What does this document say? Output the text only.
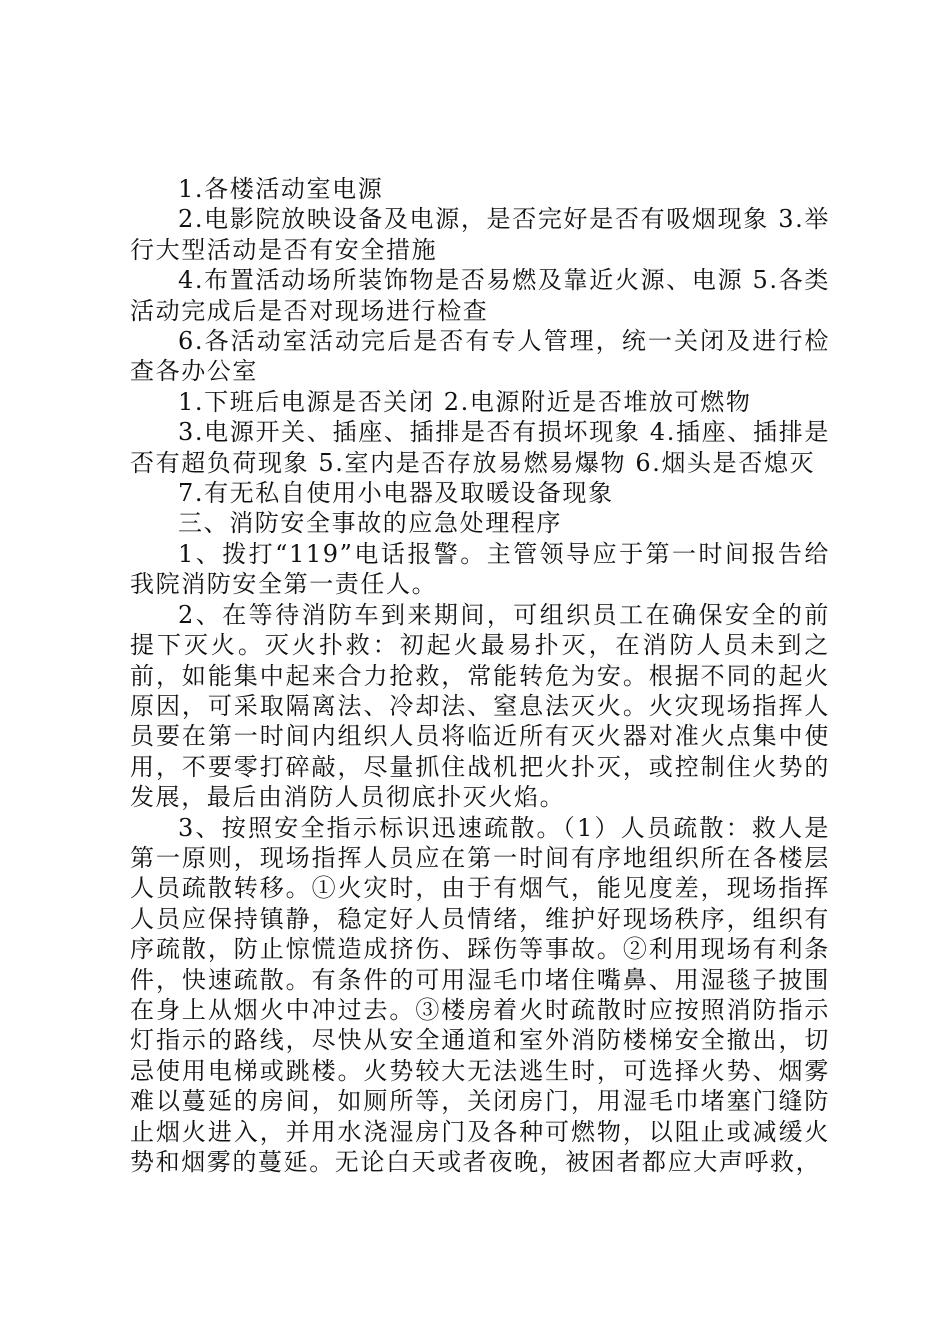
1.各楼活动室电源

2.电影院放映设备及电源，是否完好是否有吸烟现象 3.举行大型活动是否有安全措施

4.布置活动场所装饰物是否易燃及靠近火源、电源 5.各类活动完成后是否对现场进行检查

6.各活动室活动完后是否有专人管理，统一关闭及进行检查各办公室

1.下班后电源是否关闭 2.电源附近是否堆放可燃物

3.电源开关、插座、插排是否有损坏现象 4.插座、插排是否有超负荷现象 5.室内是否存放易燃易爆物 6.烟头是否熄灭

7.有无私自使用小电器及取暖设备现象

三、消防安全事故的应急处理程序

1、拨打“119”电话报警。主管领导应于第一时间报告给我院消防安全第一责任人。

2、在等待消防车到来期间，可组织员工在确保安全的前提下灭火。灭火扑救：初起火最易扑灭，在消防人员未到之前，如能集中起来合力抢救，常能转危为安。根据不同的起火原因，可采取隔离法、冷却法、窒息法灭火。火灾现场指挥人员要在第一时间内组织人员将临近所有灭火器对准火点集中使用，不要零打碎敲，尽量抓住战机把火扑灭，或控制住火势的发展，最后由消防人员彻底扑灭火焰。

3、按照安全指示标识迅速疏散。（1）人员疏散：救人是第一原则，现场指挥人员应在第一时间有序地组织所在各楼层人员疏散转移。①火灾时，由于有烟气，能见度差，现场指挥人员应保持镇静，稳定好人员情绪，维护好现场秩序，组织有序疏散，防止惊慌造成挤伤、踩伤等事故。②利用现场有利条件，快速疏散。有条件的可用湿毛巾堵住嘴鼻、用湿毯子披围在身上从烟火中冲过去。③楼房着火时疏散时应按照消防指示灯指示的路线，尽快从安全通道和室外消防楼梯安全撤出，切忌使用电梯或跳楼。火势较大无法逃生时，可选择火势、烟雾难以蔓延的房间，如厕所等，关闭房门，用湿毛巾堵塞门缝防止烟火进入，并用水浇湿房门及各种可燃物，以阻止或减缓火势和烟雾的蔓延。无论白天或者夜晚，被困者都应大声呼救，
